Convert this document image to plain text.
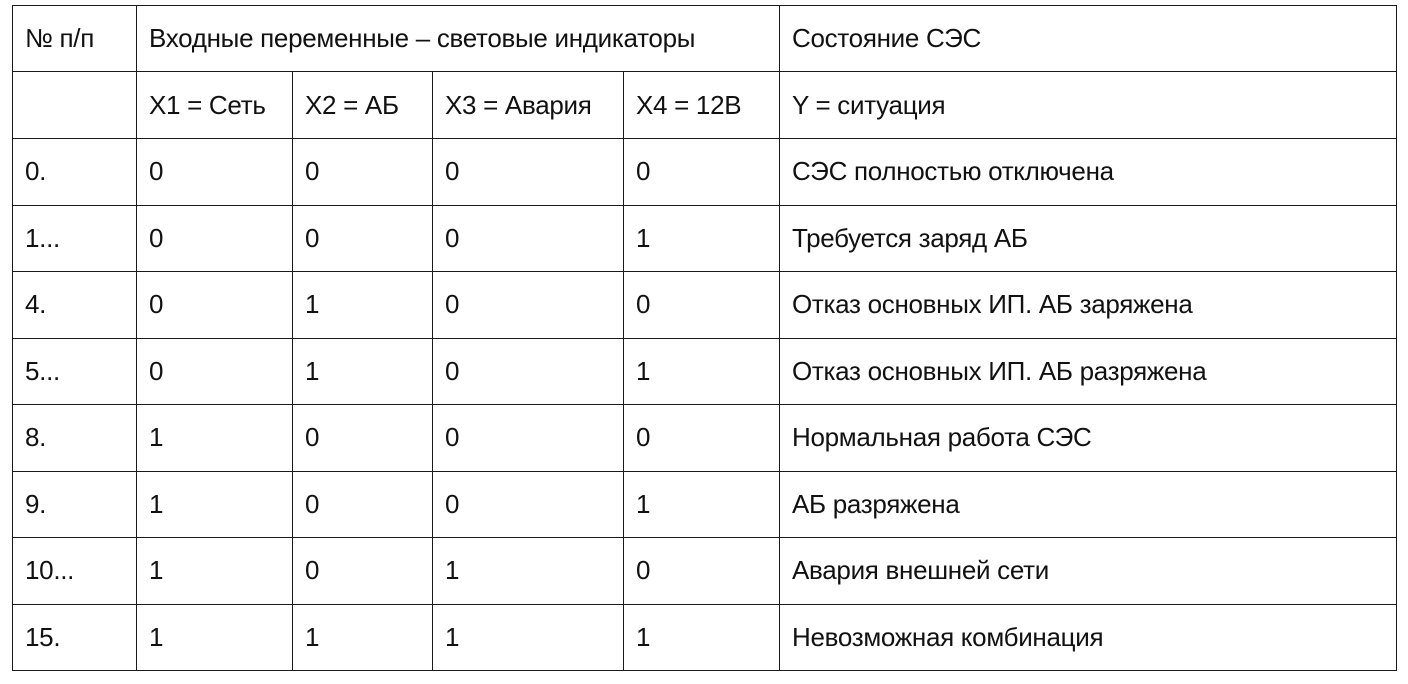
№ п/п	Входные переменные – световые индикаторы				Состояние СЭС
	X1 = Сеть	X2 = АБ	X3 = Авария	X4 = 12В	Y = ситуация
0.	0	0	0	0	СЭС полностью отключена
1...	0	0	0	1	Требуется заряд АБ
4.	0	1	0	0	Отказ основных ИП. АБ заряжена
5...	0	1	0	1	Отказ основных ИП. АБ разряжена
8.	1	0	0	0	Нормальная работа СЭС
9.	1	0	0	1	АБ разряжена
10...	1	0	1	0	Авария внешней сети
15.	1	1	1	1	Невозможная комбинация
